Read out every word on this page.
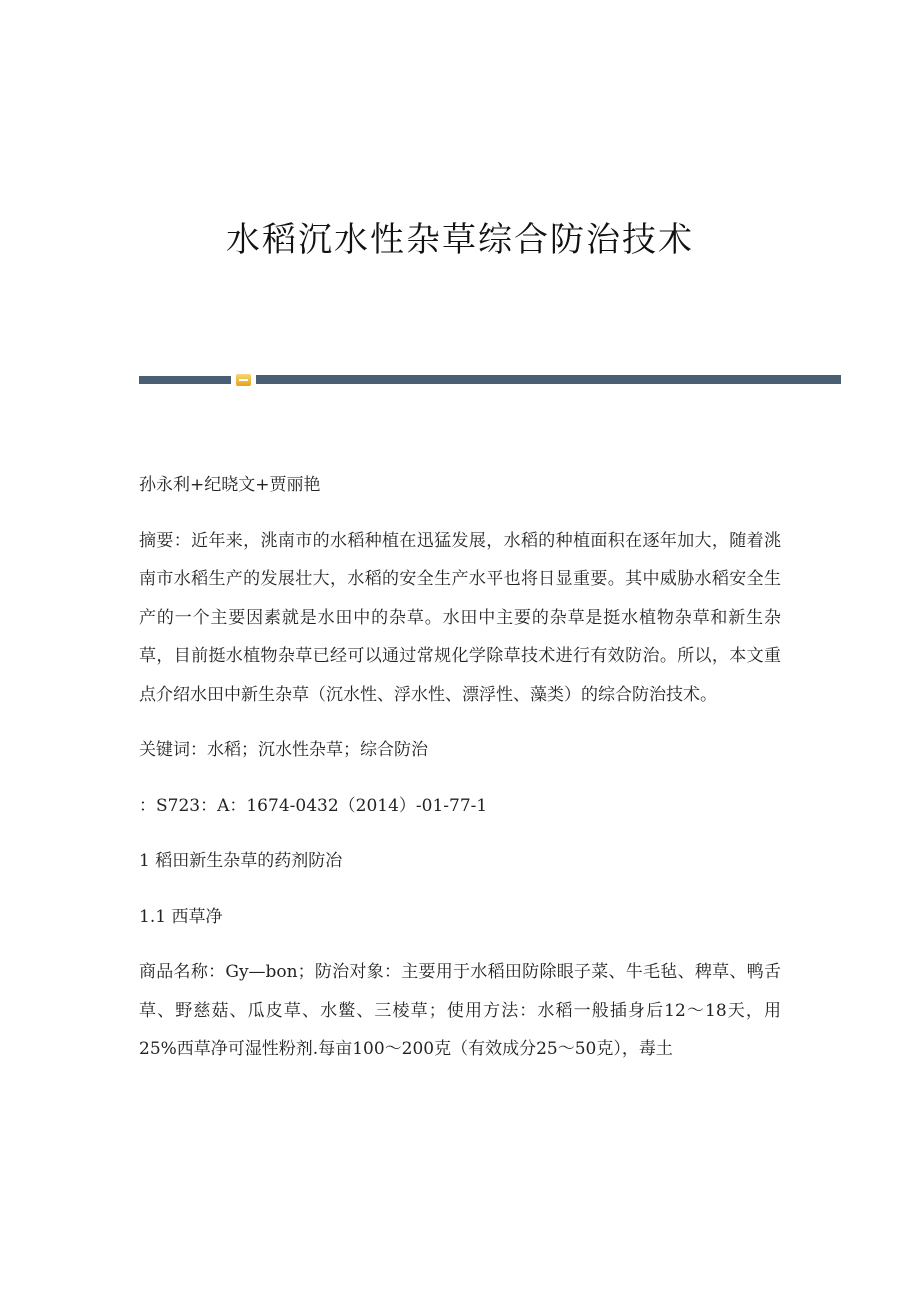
水稻沉水性杂草综合防治技术

孙永利+纪晓文+贾丽艳

摘要：近年来，洮南市的水稻种植在迅猛发展，水稻的种植面积在逐年加大，随着洮南市水稻生产的发展壮大，水稻的安全生产水平也将日显重要。其中威胁水稻安全生产的一个主要因素就是水田中的杂草。水田中主要的杂草是挺水植物杂草和新生杂草，目前挺水植物杂草已经可以通过常规化学除草技术进行有效防治。所以，本文重点介绍水田中新生杂草（沉水性、浮水性、漂浮性、藻类）的综合防治技术。

关键词：水稻；沉水性杂草；综合防治

：S723：A：1674-0432（2014）-01-77-1

1 稻田新生杂草的药剂防冶

1.1 西草净

商品名称：Gy—bon；防治对象：主要用于水稻田防除眼子菜、牛毛毡、稗草、鸭舌草、野慈菇、瓜皮草、水鳖、三棱草；使用方法：水稻一般插身后12～18天，用25%西草净可湿性粉剂.每亩100～200克（有效成分25～50克），毒土
